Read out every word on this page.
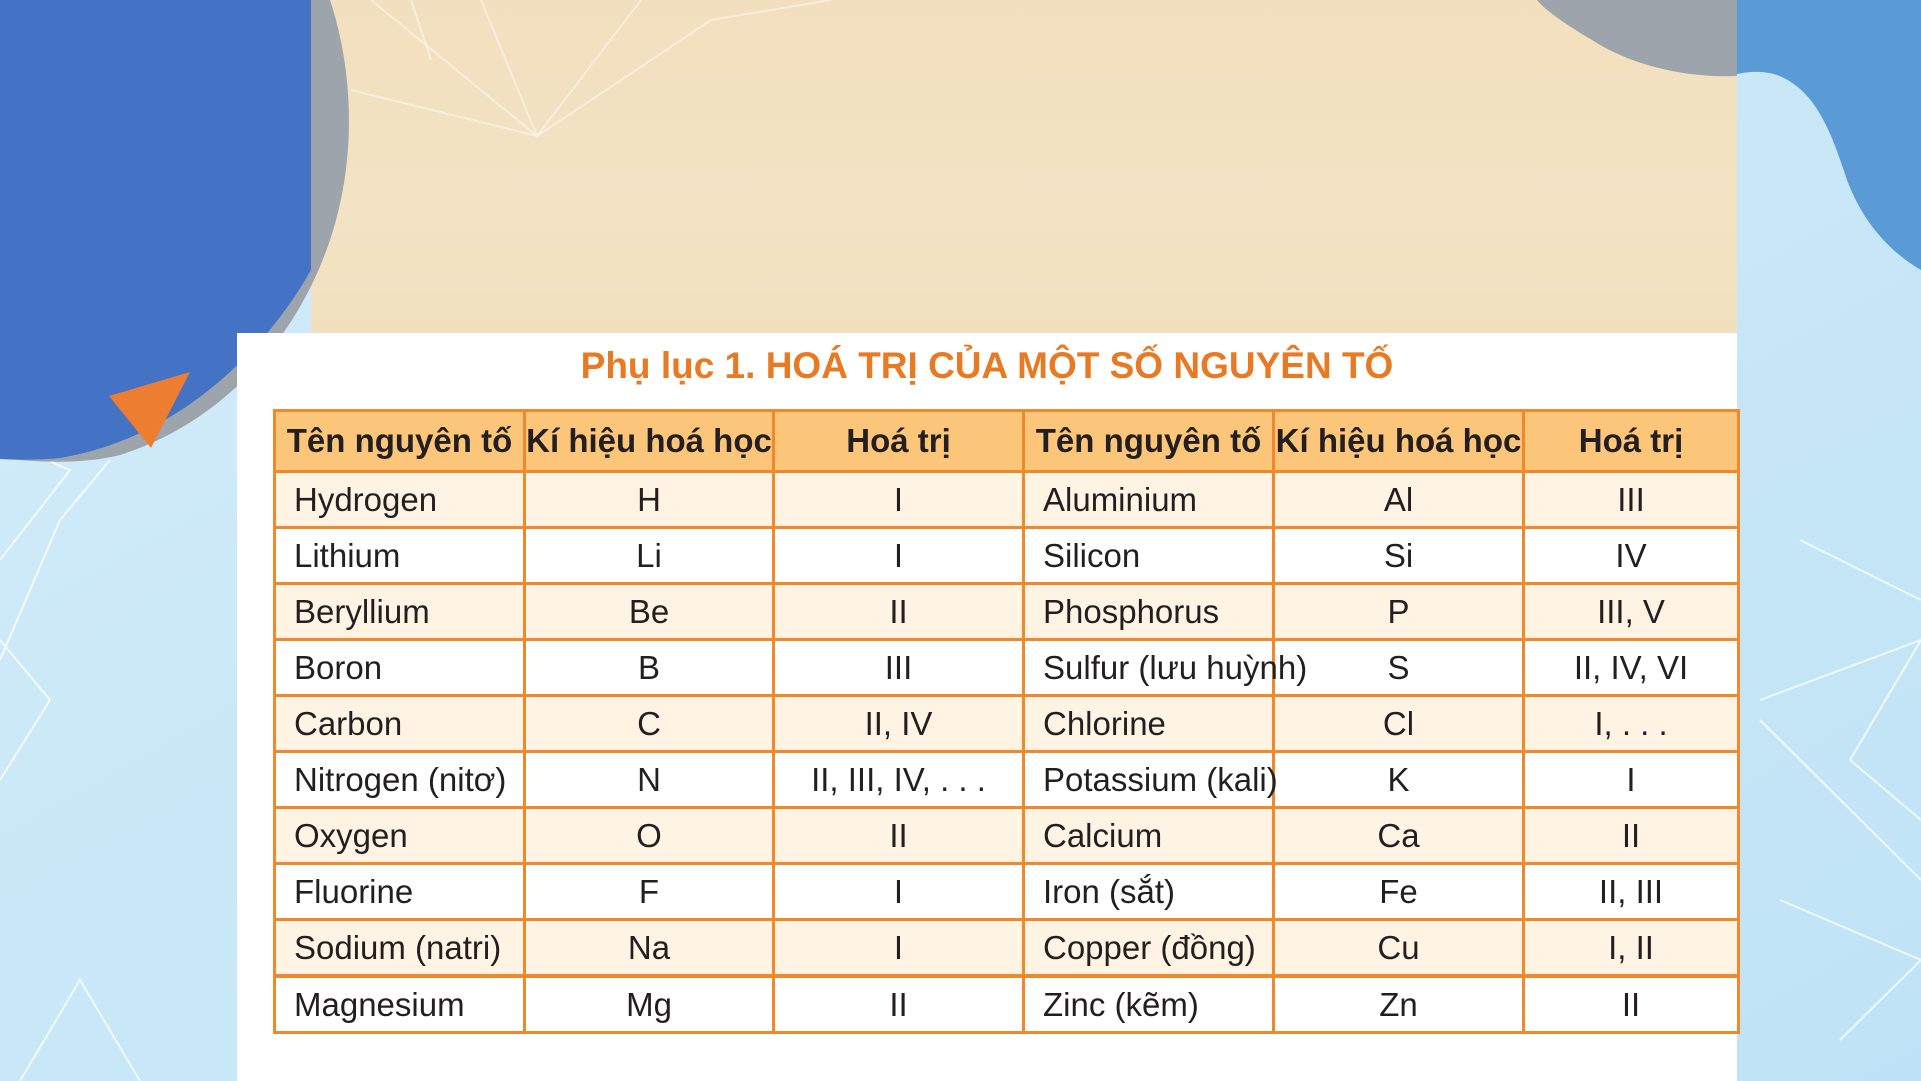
Phụ lục 1. HOÁ TRỊ CỦA MỘT SỐ NGUYÊN TỐ
Tên nguyên tố	Kí hiệu hoá học	Hoá trị	Tên nguyên tố	Kí hiệu hoá học	Hoá trị
Hydrogen	H	I	Aluminium	Al	III
Lithium	Li	I	Silicon	Si	IV
Beryllium	Be	II	Phosphorus	P	III, V
Boron	B	III	Sulfur (lưu huỳnh)	S	II, IV, VI
Carbon	C	II, IV	Chlorine	Cl	I, . . .
Nitrogen (nitơ)	N	II, III, IV, . . .	Potassium (kali)	K	I
Oxygen	O	II	Calcium	Ca	II
Fluorine	F	I	Iron (sắt)	Fe	II, III
Sodium (natri)	Na	I	Copper (đồng)	Cu	I, II
Magnesium	Mg	II	Zinc (kẽm)	Zn	II
